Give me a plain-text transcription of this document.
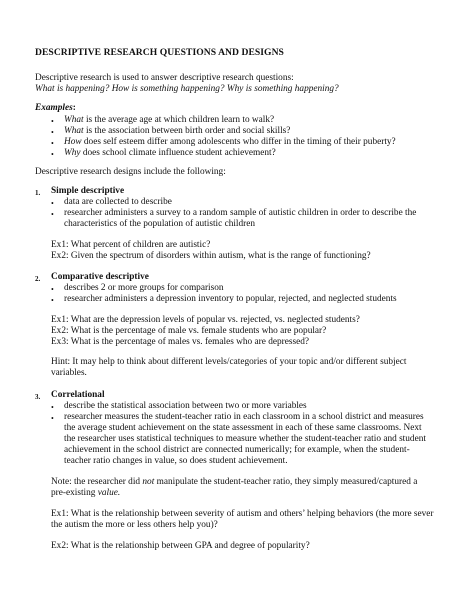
DESCRIPTIVE RESEARCH QUESTIONS AND DESIGNS
Descriptive research is used to answer descriptive research questions:
What is happening? How is something happening? Why is something happening?
Examples:
• What is the average age at which children learn to walk?
• What is the association between birth order and social skills?
• How does self esteem differ among adolescents who differ in the timing of their puberty?
• Why does school climate influence student achievement?
Descriptive research designs include the following:
1. Simple descriptive
• data are collected to describe
• researcher administers a survey to a random sample of autistic children in order to describe the
characteristics of the population of autistic children
Ex1: What percent of children are autistic?
Ex2: Given the spectrum of disorders within autism, what is the range of functioning?
2. Comparative descriptive
• describes 2 or more groups for comparison
• researcher administers a depression inventory to popular, rejected, and neglected students
Ex1: What are the depression levels of popular vs. rejected, vs. neglected students?
Ex2: What is the percentage of male vs. female students who are popular?
Ex3: What is the percentage of males vs. females who are depressed?
Hint: It may help to think about different levels/categories of your topic and/or different subject
variables.
3. Correlational
• describe the statistical association between two or more variables
• researcher measures the student-teacher ratio in each classroom in a school district and measures
the average student achievement on the state assessment in each of these same classrooms. Next
the researcher uses statistical techniques to measure whether the student-teacher ratio and student
achievement in the school district are connected numerically; for example, when the student-
teacher ratio changes in value, so does student achievement.
Note: the researcher did not manipulate the student-teacher ratio, they simply measured/captured a
pre-existing value.
Ex1: What is the relationship between severity of autism and others’ helping behaviors (the more sever
the autism the more or less others help you)?
Ex2: What is the relationship between GPA and degree of popularity?
